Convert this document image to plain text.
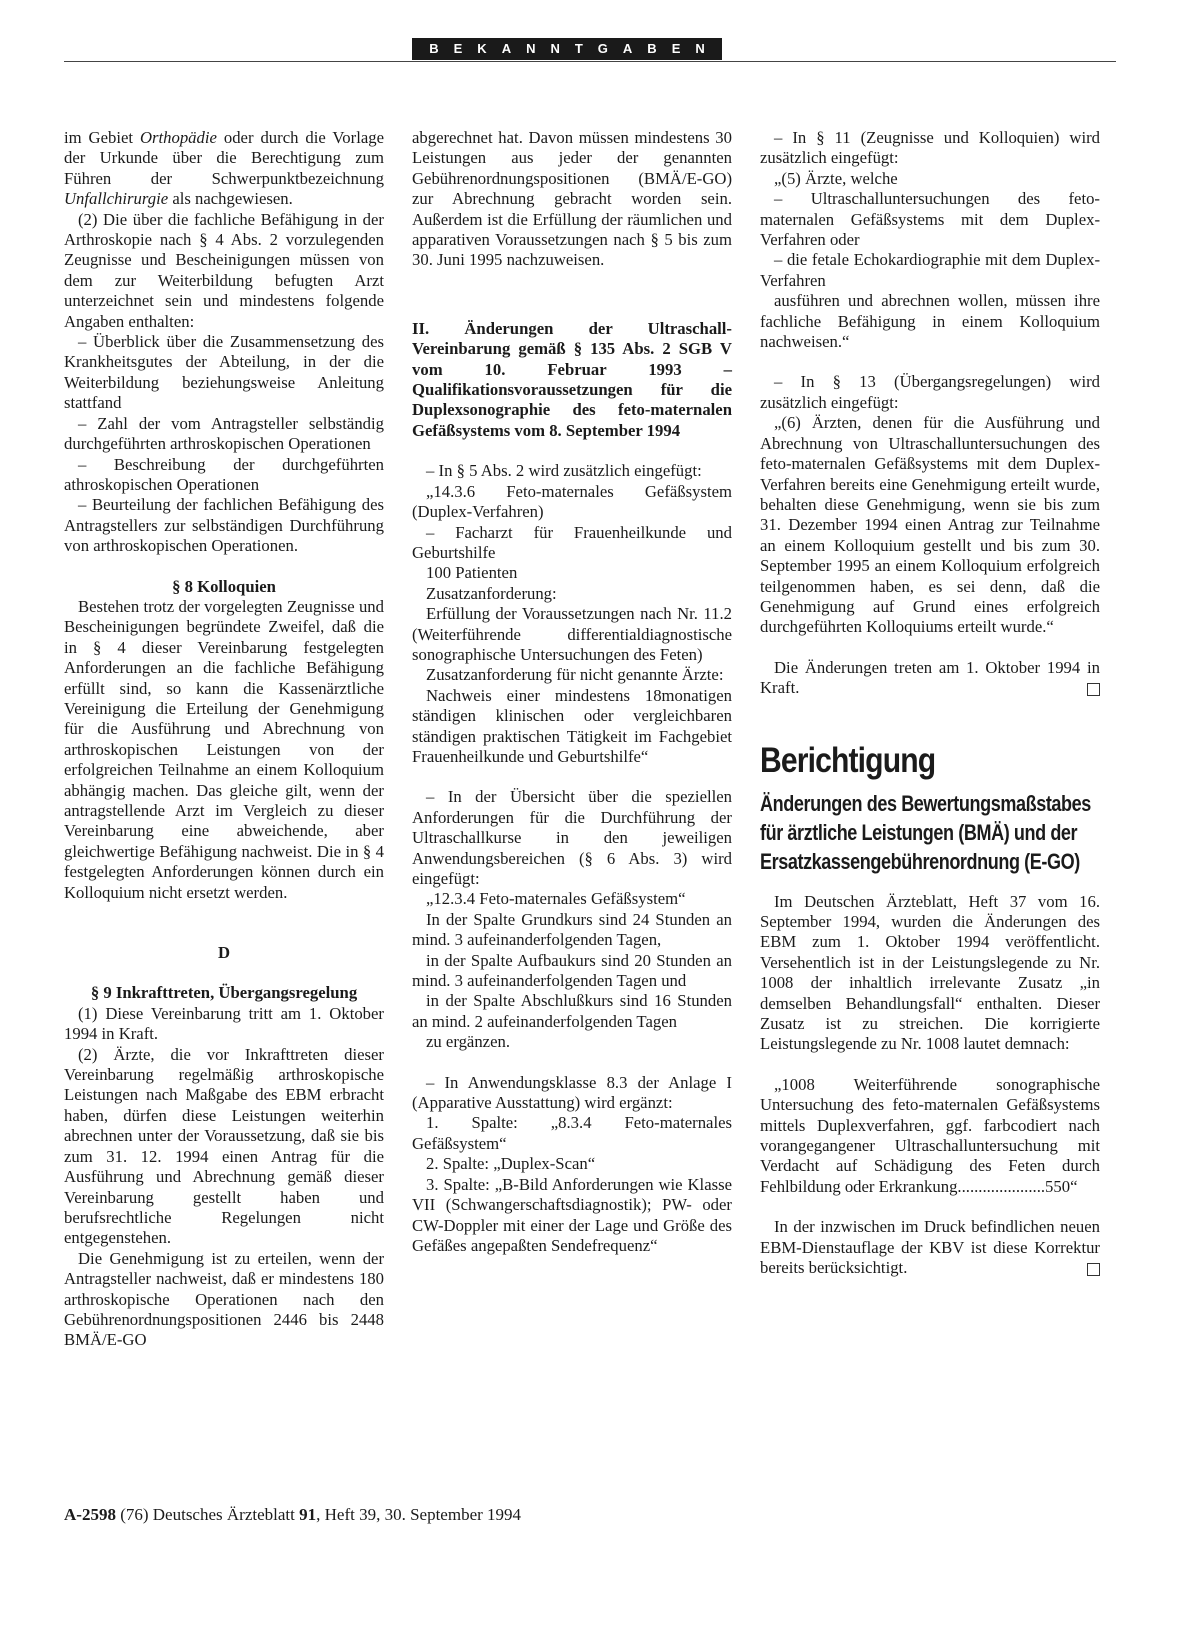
BEKANNTGABEN

im Gebiet Orthopädie oder durch die Vorlage der Urkunde über die Berechtigung zum Führen der Schwerpunktbezeichnung Unfallchirurgie als nachgewiesen.

(2) Die über die fachliche Befähigung in der Arthroskopie nach § 4 Abs. 2 vorzulegenden Zeugnisse und Bescheinigungen müssen von dem zur Weiterbildung befugten Arzt unterzeichnet sein und mindestens folgende Angaben enthalten:

– Überblick über die Zusammensetzung des Krankheitsgutes der Abteilung, in der die Weiterbildung beziehungsweise Anleitung stattfand

– Zahl der vom Antragsteller selbständig durchgeführten arthroskopischen Operationen

– Beschreibung der durchgeführten athroskopischen Operationen

– Beurteilung der fachlichen Befähigung des Antragstellers zur selbständigen Durchführung von arthroskopischen Operationen.

§ 8 Kolloquien

Bestehen trotz der vorgelegten Zeugnisse und Bescheinigungen begründete Zweifel, daß die in § 4 dieser Vereinbarung festgelegten Anforderungen an die fachliche Befähigung erfüllt sind, so kann die Kassenärztliche Vereinigung die Erteilung der Genehmigung für die Ausführung und Abrechnung von arthroskopischen Leistungen von der erfolgreichen Teilnahme an einem Kolloquium abhängig machen. Das gleiche gilt, wenn der antragstellende Arzt im Vergleich zu dieser Vereinbarung eine abweichende, aber gleichwertige Befähigung nachweist. Die in § 4 festgelegten Anforderungen können durch ein Kolloquium nicht ersetzt werden.

D
§ 9 Inkrafttreten, Übergangsregelung

(1) Diese Vereinbarung tritt am 1. Oktober 1994 in Kraft.

(2) Ärzte, die vor Inkrafttreten dieser Vereinbarung regelmäßig arthroskopische Leistungen nach Maßgabe des EBM erbracht haben, dürfen diese Leistungen weiterhin abrechnen unter der Voraussetzung, daß sie bis zum 31. 12. 1994 einen Antrag für die Ausführung und Abrechnung gemäß dieser Vereinbarung gestellt haben und berufsrechtliche Regelungen nicht entgegenstehen.

Die Genehmigung ist zu erteilen, wenn der Antragsteller nachweist, daß er mindestens 180 arthroskopische Operationen nach den Gebührenordnungspositionen 2446 bis 2448 BMÄ/E-GO

abgerechnet hat. Davon müssen mindestens 30 Leistungen aus jeder der genannten Gebührenordnungspositionen (BMÄ/E-GO) zur Abrechnung gebracht worden sein. Außerdem ist die Erfüllung der räumlichen und apparativen Voraussetzungen nach § 5 bis zum 30. Juni 1995 nachzuweisen.

II. Änderungen der Ultraschall-Vereinbarung gemäß § 135 Abs. 2 SGB V vom 10. Februar 1993 – Qualifikationsvoraussetzungen für die Duplexsonographie des feto-maternalen Gefäßsystems vom 8. September 1994

– In § 5 Abs. 2 wird zusätzlich eingefügt:

„14.3.6 Feto-maternales Gefäßsystem (Duplex-Verfahren)

– Facharzt für Frauenheilkunde und Geburtshilfe

100 Patienten

Zusatzanforderung:

Erfüllung der Voraussetzungen nach Nr. 11.2 (Weiterführende differentialdiagnostische sonographische Untersuchungen des Feten)

Zusatzanforderung für nicht genannte Ärzte:

Nachweis einer mindestens 18monatigen ständigen klinischen oder vergleichbaren ständigen praktischen Tätigkeit im Fachgebiet Frauenheilkunde und Geburtshilfe“

– In der Übersicht über die speziellen Anforderungen für die Durchführung der Ultraschallkurse in den jeweiligen Anwendungsbereichen (§ 6 Abs. 3) wird eingefügt:

„12.3.4 Feto-maternales Gefäßsystem“

In der Spalte Grundkurs sind 24 Stunden an mind. 3 aufeinanderfolgenden Tagen,

in der Spalte Aufbaukurs sind 20 Stunden an mind. 3 aufeinanderfolgenden Tagen und

in der Spalte Abschlußkurs sind 16 Stunden an mind. 2 aufeinanderfolgenden Tagen

zu ergänzen.

– In Anwendungsklasse 8.3 der Anlage I (Apparative Ausstattung) wird ergänzt:

1. Spalte: „8.3.4 Feto-maternales Gefäßsystem“

2. Spalte: „Duplex-Scan“

3. Spalte: „B-Bild Anforderungen wie Klasse VII (Schwangerschaftsdiagnostik); PW- oder CW-Doppler mit einer der Lage und Größe des Gefäßes angepaßten Sendefrequenz“

– In § 11 (Zeugnisse und Kolloquien) wird zusätzlich eingefügt:

„(5) Ärzte, welche

– Ultraschalluntersuchungen des feto-maternalen Gefäßsystems mit dem Duplex-Verfahren oder

– die fetale Echokardiographie mit dem Duplex-Verfahren

ausführen und abrechnen wollen, müssen ihre fachliche Befähigung in einem Kolloquium nachweisen.“

– In § 13 (Übergangsregelungen) wird zusätzlich eingefügt:

„(6) Ärzten, denen für die Ausführung und Abrechnung von Ultraschalluntersuchungen des feto-maternalen Gefäßsystems mit dem Duplex-Verfahren bereits eine Genehmigung erteilt wurde, behalten diese Genehmigung, wenn sie bis zum 31. Dezember 1994 einen Antrag zur Teilnahme an einem Kolloquium gestellt und bis zum 30. September 1995 an einem Kolloquium erfolgreich teilgenommen haben, es sei denn, daß die Genehmigung auf Grund eines erfolgreich durchgeführten Kolloquiums erteilt wurde.“

Die Änderungen treten am 1. Oktober 1994 in Kraft.

Berichtigung
Änderungen des Bewertungsmaßstabes für ärztliche Leistungen (BMÄ) und der Ersatzkassengebührenordnung (E-GO)

Im Deutschen Ärzteblatt, Heft 37 vom 16. September 1994, wurden die Änderungen des EBM zum 1. Oktober 1994 veröffentlicht. Versehentlich ist in der Leistungslegende zu Nr. 1008 der inhaltlich irrelevante Zusatz „in demselben Behandlungsfall“ enthalten. Dieser Zusatz ist zu streichen. Die korrigierte Leistungslegende zu Nr. 1008 lautet demnach:

„1008 Weiterführende sonographische Untersuchung des feto-maternalen Gefäßsystems mittels Duplexverfahren, ggf. farbcodiert nach vorangegangener Ultraschalluntersuchung mit Verdacht auf Schädigung des Feten durch Fehlbildung oder Erkrankung.....................550“

In der inzwischen im Druck befindlichen neuen EBM-Dienstauflage der KBV ist diese Korrektur bereits berücksichtigt.

A-2598 (76) Deutsches Ärzteblatt 91, Heft 39, 30. September 1994
